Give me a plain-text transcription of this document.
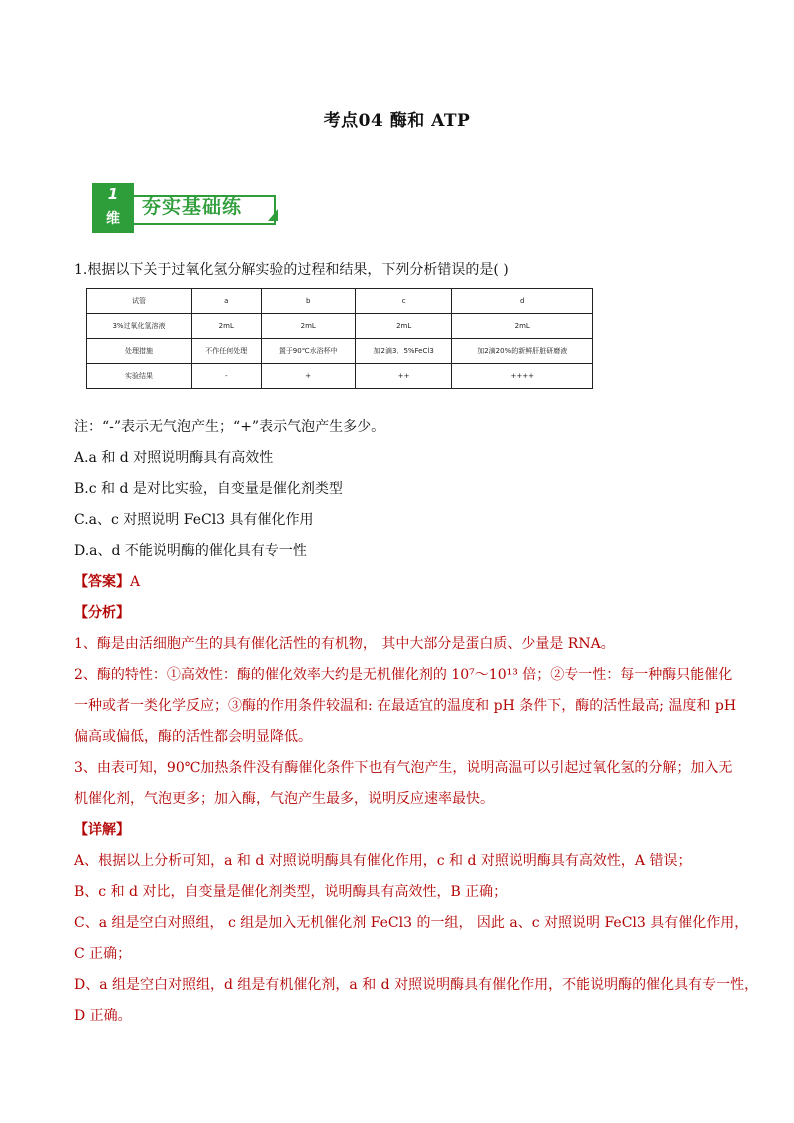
考点04 酶和 ATP
1
维
夯实基础练
1.根据以下关于过氧化氢分解实验的过程和结果，下列分析错误的是( )
试管	a	b	c	d
3%过氧化氢溶液	2mL	2mL	2mL	2mL
处理措施	不作任何处理	置于90℃水浴杯中	加2滴3．5%FeCl3	加2滴20%的新鲜肝脏研磨液
实验结果	-	+	++	++++
注：“-”表示无气泡产生；“+”表示气泡产生多少。
A.a 和 d 对照说明酶具有高效性
B.c 和 d 是对比实验，自变量是催化剂类型
C.a、c 对照说明 FeCl3 具有催化作用
D.a、d 不能说明酶的催化具有专一性
【答案】A
【分析】
1、酶是由活细胞产生的具有催化活性的有机物， 其中大部分是蛋白质、少量是 RNA。
2、酶的特性：①高效性：酶的催化效率大约是无机催化剂的 10⁷～10¹³ 倍；②专一性：每一种酶只能催化
一种或者一类化学反应；③酶的作用条件较温和: 在最适宜的温度和 pH 条件下，酶的活性最高; 温度和 pH
偏高或偏低，酶的活性都会明显降低。
3、由表可知，90℃加热条件没有酶催化条件下也有气泡产生，说明高温可以引起过氧化氢的分解；加入无
机催化剂，气泡更多；加入酶，气泡产生最多，说明反应速率最快。
【详解】
A、根据以上分析可知，a 和 d 对照说明酶具有催化作用，c 和 d 对照说明酶具有高效性，A 错误；
B、c 和 d 对比，自变量是催化剂类型，说明酶具有高效性，B 正确；
C、a 组是空白对照组， c 组是加入无机催化剂 FeCl3 的一组， 因此 a、c 对照说明 FeCl3 具有催化作用，
C 正确；
D、a 组是空白对照组，d 组是有机催化剂，a 和 d 对照说明酶具有催化作用，不能说明酶的催化具有专一性，
D 正确。
